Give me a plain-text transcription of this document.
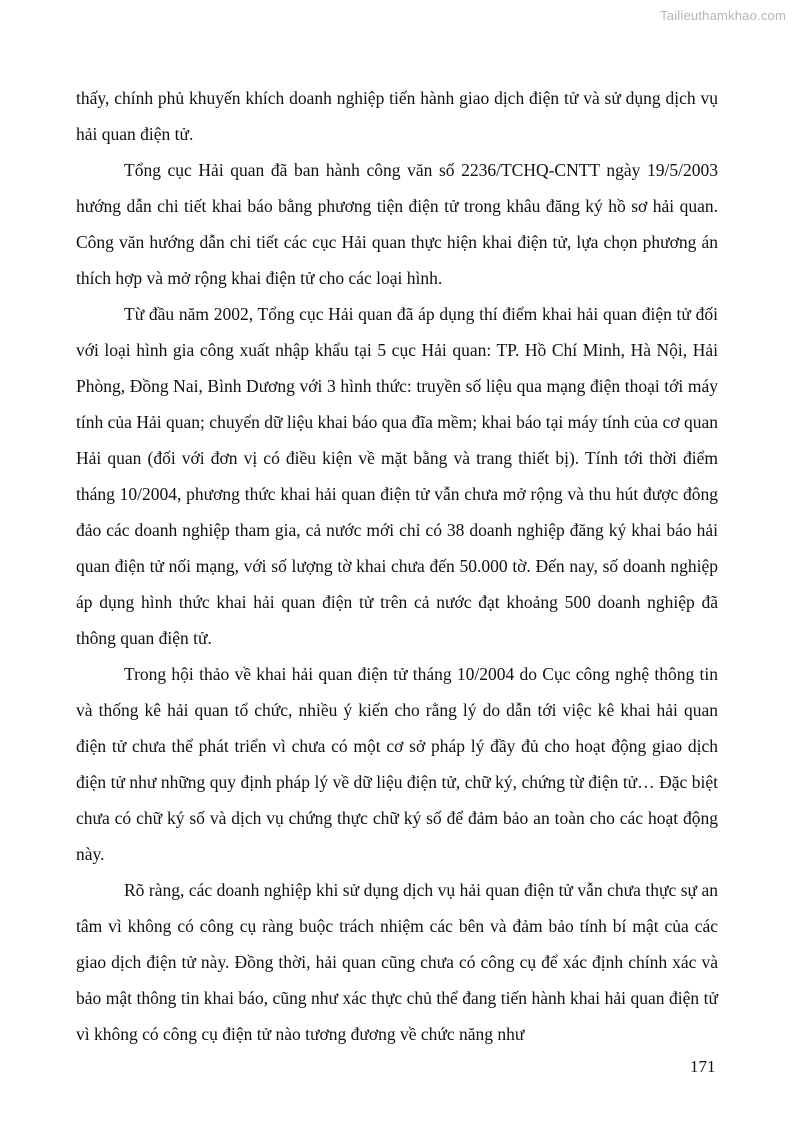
Tailieuthamkhao.com

thấy, chính phủ khuyến khích doanh nghiệp tiến hành giao dịch điện tử và sử dụng dịch vụ hải quan điện tử.

Tổng cục Hải quan đã ban hành công văn số 2236/TCHQ-CNTT ngày 19/5/2003 hướng dẫn chi tiết khai báo bằng phương tiện điện tử trong khâu đăng ký hồ sơ hải quan. Công văn hướng dẫn chi tiết các cục Hải quan thực hiện khai điện tử, lựa chọn phương án thích hợp và mở rộng khai điện tử cho các loại hình.

Từ đầu năm 2002, Tổng cục Hải quan đã áp dụng thí điểm khai hải quan điện tử đối với loại hình gia công xuất nhập khẩu tại 5 cục Hải quan: TP. Hồ Chí Minh, Hà Nội, Hải Phòng, Đồng Nai, Bình Dương với 3 hình thức: truyền số liệu qua mạng điện thoại tới máy tính của Hải quan; chuyển dữ liệu khai báo qua đĩa mềm; khai báo tại máy tính của cơ quan Hải quan (đối với đơn vị có điều kiện về mặt bằng và trang thiết bị). Tính tới thời điểm tháng 10/2004, phương thức khai hải quan điện tử vẫn chưa mở rộng và thu hút được đông đảo các doanh nghiệp tham gia, cả nước mới chỉ có 38 doanh nghiệp đăng ký khai báo hải quan điện tử nối mạng, với số lượng tờ khai chưa đến 50.000 tờ. Đến nay, số doanh nghiệp áp dụng hình thức khai hải quan điện tử trên cả nước đạt khoảng 500 doanh nghiệp đã thông quan điện tử.

Trong hội thảo về khai hải quan điện tử tháng 10/2004 do Cục công nghệ thông tin và thống kê hải quan tổ chức, nhiều ý kiến cho rằng lý do dẫn tới việc kê khai hải quan điện tử chưa thể phát triển vì chưa có một cơ sở pháp lý đầy đủ cho hoạt động giao dịch điện tử như những quy định pháp lý về dữ liệu điện tử, chữ ký, chứng từ điện tử… Đặc biệt chưa có chữ ký số và dịch vụ chứng thực chữ ký số để đảm bảo an toàn cho các hoạt động này.

Rõ ràng, các doanh nghiệp khi sử dụng dịch vụ hải quan điện tử vẫn chưa thực sự an tâm vì không có công cụ ràng buộc trách nhiệm các bên và đảm bảo tính bí mật của các giao dịch điện tử này. Đồng thời, hải quan cũng chưa có công cụ để xác định chính xác và bảo mật thông tin khai báo, cũng như xác thực chủ thể đang tiến hành khai hải quan điện tử vì không có công cụ điện tử nào tương đương về chức năng như

171
